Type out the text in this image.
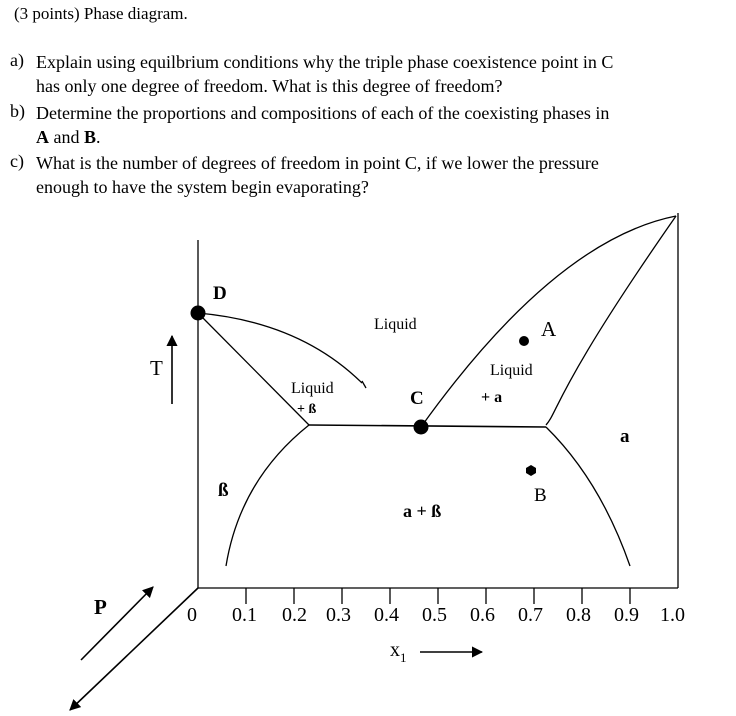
(3 points) Phase diagram.
a) Explain using equilbrium conditions why the triple phase coexistence point in C
has only one degree of freedom. What is this degree of freedom?
b) Determine the proportions and compositions of each of the coexisting phases in
A and B.
c) What is the number of degrees of freedom in point C, if we lower the pressure
enough to have the system begin evaporating?
D
C
A
B
Liquid
Liquid
+ ß
Liquid
+ a
a
ß
a + ß
T
P	0 0.1 0.2 0.3 0.4 0.5 0.6 0.7 0.8 0.9 1.0
$x_1$
